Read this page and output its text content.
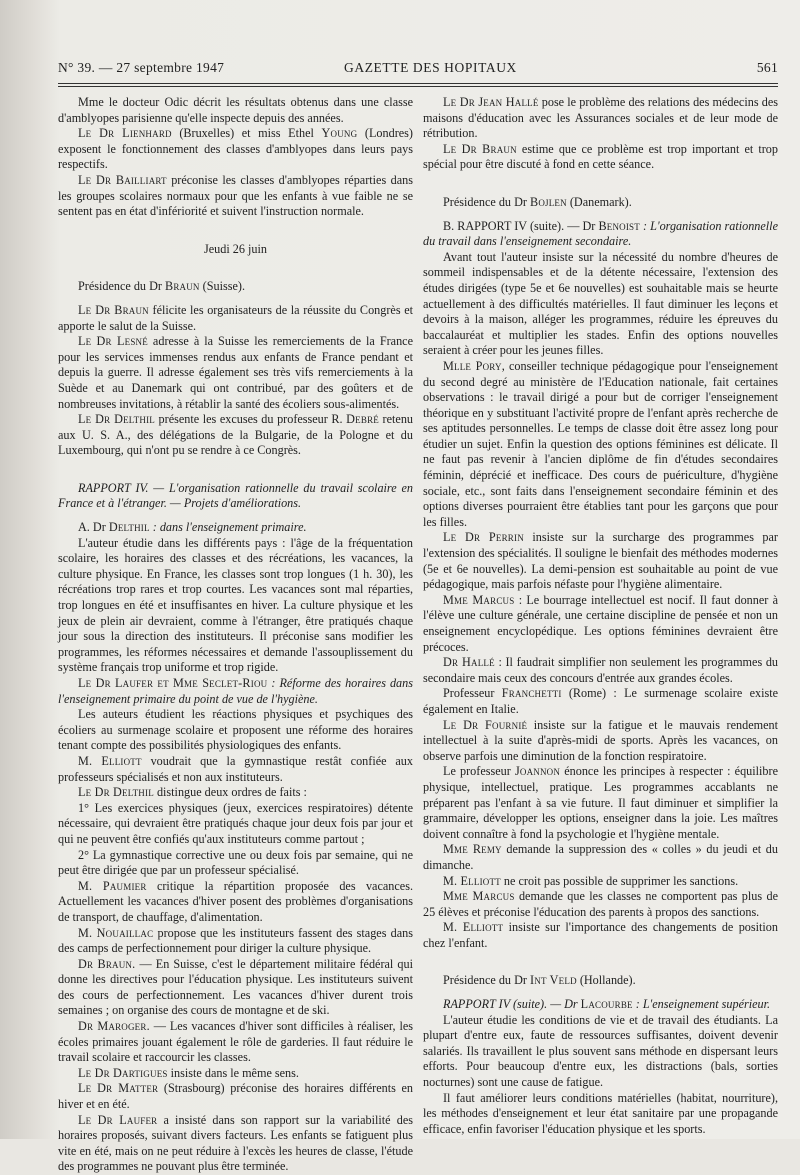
N° 39. — 27 septembre 1947	GAZETTE DES HOPITAUX	561

Mme le docteur Odic décrit les résultats obtenus dans une classe d'amblyopes parisienne qu'elle inspecte depuis des années.

Le Dr Lienhard (Bruxelles) et miss Ethel Young (Londres) exposent le fonctionnement des classes d'amblyopes dans leurs pays respectifs.

Le Dr Bailliart préconise les classes d'amblyopes réparties dans les groupes scolaires normaux pour que les enfants à vue faible ne se sentent pas en état d'infériorité et suivent l'instruction normale.

Jeudi 26 juin

Présidence du Dr Braun (Suisse).

Le Dr Braun félicite les organisateurs de la réussite du Congrès et apporte le salut de la Suisse.

Le Dr Lesné adresse à la Suisse les remerciements de la France pour les services immenses rendus aux enfants de France pendant et depuis la guerre. Il adresse également ses très vifs remerciements à la Suède et au Danemark qui ont contribué, par des goûters et de nombreuses invitations, à rétablir la santé des écoliers sous-alimentés.

Le Dr Delthil présente les excuses du professeur R. Debré retenu aux U. S. A., des délégations de la Bulgarie, de la Pologne et du Luxembourg, qui n'ont pu se rendre à ce Congrès.

RAPPORT IV. — L'organisation rationnelle du travail scolaire en France et à l'étranger. — Projets d'améliorations.

A. Dr Delthil : dans l'enseignement primaire.

L'auteur étudie dans les différents pays : l'âge de la fréquentation scolaire, les horaires des classes et des récréations, les vacances, la culture physique. En France, les classes sont trop longues (1 h. 30), les récréations trop rares et trop courtes. Les vacances sont mal réparties, trop longues en été et insuffisantes en hiver. La culture physique et les jeux de plein air devraient, comme à l'étranger, être pratiqués chaque jour sous la direction des instituteurs. Il préconise sans modifier les programmes, les réformes nécessaires et demande l'assouplissement du système français trop uniforme et trop rigide.

Le Dr Laufer et Mme Seclet-Riou : Réforme des horaires dans l'enseignement primaire du point de vue de l'hygiène.

Les auteurs étudient les réactions physiques et psychiques des écoliers au surmenage scolaire et proposent une réforme des horaires tenant compte des possibilités physiologiques des enfants.

M. Elliott voudrait que la gymnastique restât confiée aux professeurs spécialisés et non aux instituteurs.

Le Dr Delthil distingue deux ordres de faits :

1° Les exercices physiques (jeux, exercices respiratoires) détente nécessaire, qui devraient être pratiqués chaque jour deux fois par jour et qui ne peuvent être confiés qu'aux instituteurs comme partout ;

2° La gymnastique corrective une ou deux fois par semaine, qui ne peut être dirigée que par un professeur spécialisé.

M. Paumier critique la répartition proposée des vacances. Actuellement les vacances d'hiver posent des problèmes d'organisations de transport, de chauffage, d'alimentation.

M. Nouaillac propose que les instituteurs fassent des stages dans des camps de perfectionnement pour diriger la culture physique.

Dr Braun. — En Suisse, c'est le département militaire fédéral qui donne les directives pour l'éducation physique. Les instituteurs suivent des cours de perfectionnement. Les vacances d'hiver durent trois semaines ; on organise des cours de montagne et de ski.

Dr Maroger. — Les vacances d'hiver sont difficiles à réaliser, les écoles primaires jouant également le rôle de garderies. Il faut réduire le travail scolaire et raccourcir les classes.

Le Dr Dartigues insiste dans le même sens.

Le Dr Matter (Strasbourg) préconise des horaires différents en hiver et en été.

Le Dr Laufer a insisté dans son rapport sur la variabilité des horaires proposés, suivant divers facteurs. Les enfants se fatiguent plus vite en été, mais on ne peut réduire à l'excès les heures de classe, l'étude des programmes ne pouvant plus être terminée.

Le Dr Jean Hallé pose le problème des relations des médecins des maisons d'éducation avec les Assurances sociales et de leur mode de rétribution.

Le Dr Braun estime que ce problème est trop important et trop spécial pour être discuté à fond en cette séance.

Présidence du Dr Bojlen (Danemark).

B. RAPPORT IV (suite). — Dr Benoist : L'organisation rationnelle du travail dans l'enseignement secondaire.

Avant tout l'auteur insiste sur la nécessité du nombre d'heures de sommeil indispensables et de la détente nécessaire, l'extension des études dirigées (type 5e et 6e nouvelles) est souhaitable mais se heurte actuellement à des difficultés matérielles. Il faut diminuer les leçons et devoirs à la maison, alléger les programmes, réduire les épreuves du baccalauréat et multiplier les stades. Enfin des options nouvelles seraient à créer pour les jeunes filles.

Mlle Pory, conseiller technique pédagogique pour l'enseignement du second degré au ministère de l'Education nationale, fait certaines observations : le travail dirigé a pour but de corriger l'enseignement théorique en y substituant l'activité propre de l'enfant après recherche de ses aptitudes personnelles. Le temps de classe doit être assez long pour étudier un sujet. Enfin la question des options féminines est délicate. Il ne faut pas revenir à l'ancien diplôme de fin d'études secondaires féminin, déprécié et inefficace. Des cours de puériculture, d'hygiène sociale, etc., sont faits dans l'enseignement secondaire féminin et des options diverses pourraient être établies tant pour les garçons que pour les filles.

Le Dr Perrin insiste sur la surcharge des programmes par l'extension des spécialités. Il souligne le bienfait des méthodes modernes (5e et 6e nouvelles). La demi-pension est souhaitable au point de vue pédagogique, mais parfois néfaste pour l'hygiène alimentaire.

Mme Marcus : Le bourrage intellectuel est nocif. Il faut donner à l'élève une culture générale, une certaine discipline de pensée et non un enseignement encyclopédique. Les options féminines devraient être précoces.

Dr Hallé : Il faudrait simplifier non seulement les programmes du secondaire mais ceux des concours d'entrée aux grandes écoles.

Professeur Franchetti (Rome) : Le surmenage scolaire existe également en Italie.

Le Dr Fournié insiste sur la fatigue et le mauvais rendement intellectuel à la suite d'après-midi de sports. Après les vacances, on observe parfois une diminution de la fonction respiratoire.

Le professeur Joannon énonce les principes à respecter : équilibre physique, intellectuel, pratique. Les programmes accablants ne préparent pas l'enfant à sa vie future. Il faut diminuer et simplifier la grammaire, développer les options, enseigner dans la joie. Les maîtres doivent connaître à fond la psychologie et l'hygiène mentale.

Mme Remy demande la suppression des « colles » du jeudi et du dimanche.

M. Elliott ne croit pas possible de supprimer les sanctions.

Mme Marcus demande que les classes ne comportent pas plus de 25 élèves et préconise l'éducation des parents à propos des sanctions.

M. Elliott insiste sur l'importance des changements de position chez l'enfant.

Présidence du Dr Int Veld (Hollande).

RAPPORT IV (suite). — Dr Lacourbe : L'enseignement supérieur.

L'auteur étudie les conditions de vie et de travail des étudiants. La plupart d'entre eux, faute de ressources suffisantes, doivent devenir salariés. Ils travaillent le plus souvent sans méthode en dispersant leurs efforts. Pour beaucoup d'entre eux, les distractions (bals, sorties nocturnes) sont une cause de fatigue.

Il faut améliorer leurs conditions matérielles (habitat, nourriture), les méthodes d'enseignement et leur état sanitaire par une propagande efficace, enfin favoriser l'éducation physique et les sports.
